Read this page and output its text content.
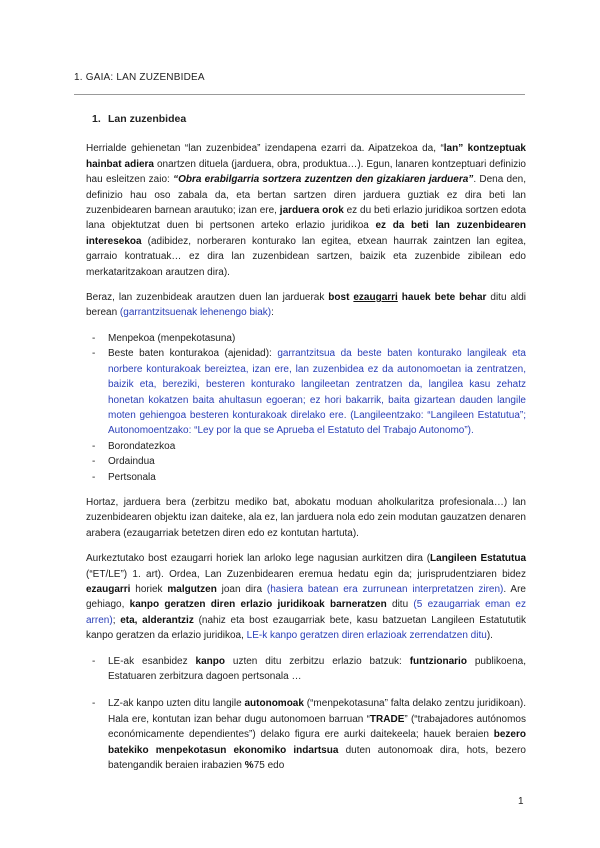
1. GAIA: LAN ZUZENBIDEA
1. Lan zuzenbidea

Herrialde gehienetan “lan zuzenbidea” izendapena ezarri da. Aipatzekoa da, “lan” kontzeptuak hainbat adiera onartzen dituela (jarduera, obra, produktua…). Egun, lanaren kontzeptuari definizio hau esleitzen zaio: “Obra erabilgarria sortzera zuzentzen den gizakiaren jarduera”. Dena den, definizio hau oso zabala da, eta bertan sartzen diren jarduera guztiak ez dira beti lan zuzenbidearen barnean arautuko; izan ere, jarduera orok ez du beti erlazio juridikoa sortzen edota lana objektutzat duen bi pertsonen arteko erlazio juridikoa ez da beti lan zuzenbidearen interesekoa (adibidez, norberaren konturako lan egitea, etxean haurrak zaintzen lan egitea, garraio kontratuak… ez dira lan zuzenbidean sartzen, baizik eta zuzenbide zibilean edo merkataritzakoan arautzen dira).

Beraz, lan zuzenbideak arautzen duen lan jarduerak bost ezaugarri hauek bete behar ditu aldi berean (garrantzitsuenak lehenengo biak):

- Menpekoa (menpekotasuna)
- Beste baten konturakoa (ajenidad): garrantzitsua da beste baten konturako langileak eta norbere konturakoak bereiztea, izan ere, lan zuzenbidea ez da autonomoetan ia zentratzen, baizik eta, bereziki, besteren konturako langileetan zentratzen da, langilea kasu zehatz honetan kokatzen baita ahultasun egoeran; ez hori bakarrik, baita gizartean dauden langile moten gehiengoa besteren konturakoak direlako ere. (Langileentzako: “Langileen Estatutua”; Autonomoentzako: “Ley por la que se Aprueba el Estatuto del Trabajo Autonomo”).
- Borondatezkoa
- Ordaindua
- Pertsonala

Hortaz, jarduera bera (zerbitzu mediko bat, abokatu moduan aholkularitza profesionala…) lan zuzenbidearen objektu izan daiteke, ala ez, lan jarduera nola edo zein modutan gauzatzen denaren arabera (ezaugarriak betetzen diren edo ez kontutan hartuta).

Aurkeztutako bost ezaugarri horiek lan arloko lege nagusian aurkitzen dira (Langileen Estatutua (“ET/LE”) 1. art). Ordea, Lan Zuzenbidearen eremua hedatu egin da; jurisprudentziaren bidez ezaugarri horiek malgutzen joan dira (hasiera batean era zurrunean interpretatzen ziren). Are gehiago, kanpo geratzen diren erlazio juridikoak barneratzen ditu (5 ezaugarriak eman ez arren); eta, alderantziz (nahiz eta bost ezaugarriak bete, kasu batzuetan Langileen Estatututik kanpo geratzen da erlazio juridikoa, LE-k kanpo geratzen diren erlazioak zerrendatzen ditu).

- LE-ak esanbidez kanpo uzten ditu zerbitzu erlazio batzuk: funtzionario publikoena, Estatuaren zerbitzura dagoen pertsonala …
- LZ-ak kanpo uzten ditu langile autonomoak (“menpekotasuna” falta delako zentzu juridikoan). Hala ere, kontutan izan behar dugu autonomoen barruan “TRADE” (“trabajadores autónomos económicamente dependientes”) delako figura ere aurki daitekeela; hauek beraien bezero batekiko menpekotasun ekonomiko indartsua duten autonomoak dira, hots, bezero batengandik beraien irabazien %75 edo
1
